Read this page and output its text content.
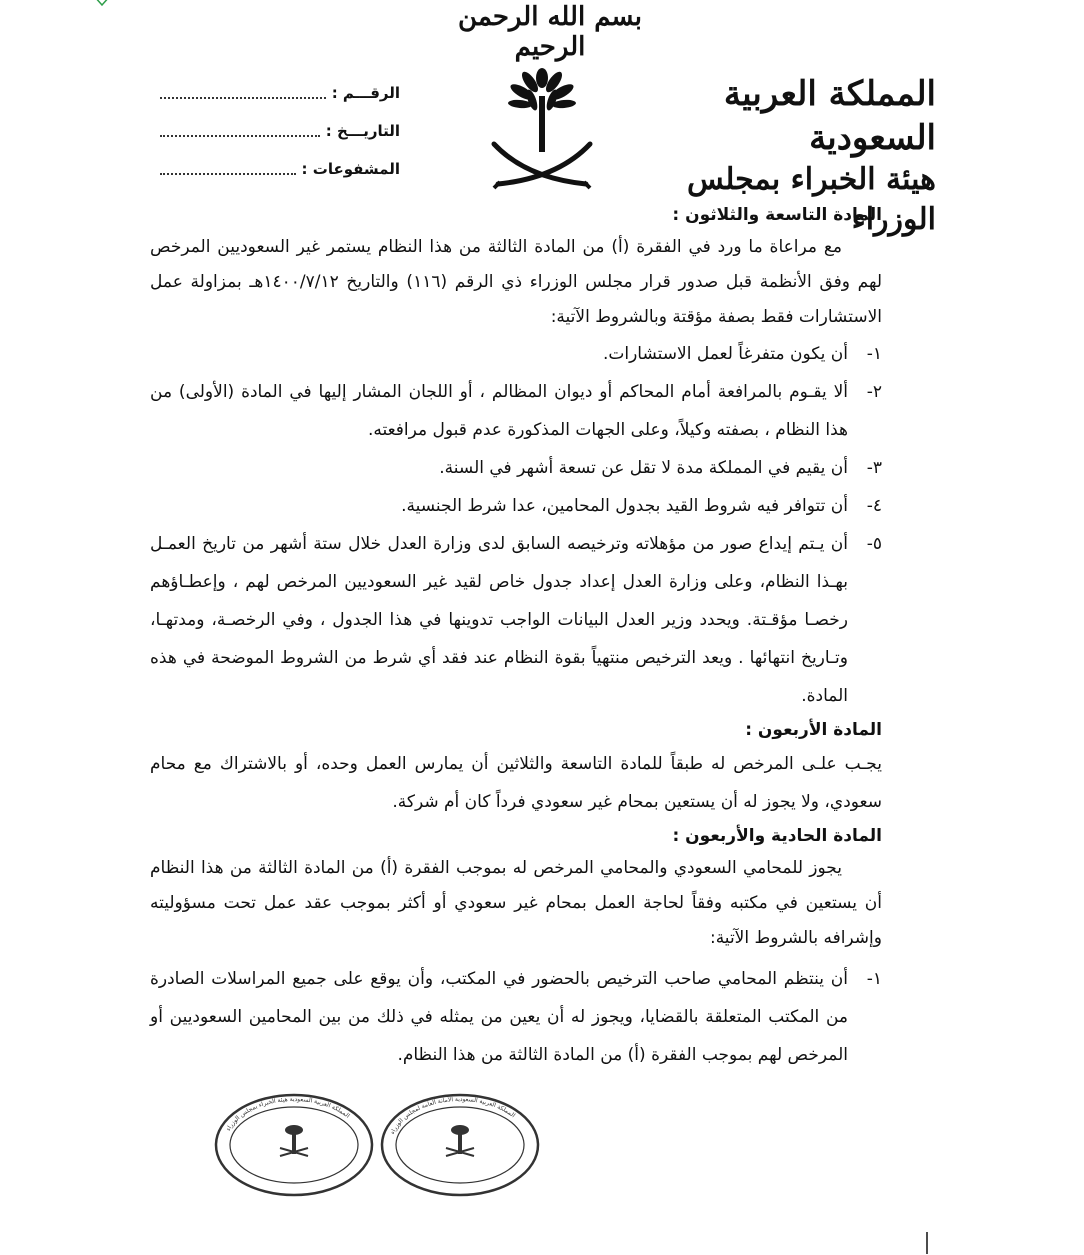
بسم الله الرحمن الرحيم
المملكة العربية السعودية
هيئة الخبراء بمجلس الوزراء
الرقـــم :
التاريـــخ :
المشفوعات :
المادة التاسعة والثلاثون :
مع مراعاة ما ورد في الفقرة (أ) من المادة الثالثة من هذا النظام يستمر غير السعوديين المرخص لهم وفق الأنظمة قبل صدور قرار مجلس الوزراء ذي الرقم (١١٦) والتاريخ ١٤٠٠/٧/١٢هـ بمزاولة عمل الاستشارات فقط بصفة مؤقتة وبالشروط الآتية:
١-
أن يكون متفرغاً لعمل الاستشارات.
٢-
ألا يقـوم بالمرافعة أمام المحاكم أو ديوان المظالم ، أو اللجان المشار إليها في المادة (الأولى) من هذا النظام ، بصفته وكيلاً، وعلى الجهات المذكورة عدم قبول مرافعته.
٣-
أن يقيم في المملكة مدة لا تقل عن تسعة أشهر في السنة.
٤-
أن تتوافر فيه شروط القيد بجدول المحامين، عدا شرط الجنسية.
٥-
أن يـتم إيداع صور من مؤهلاته وترخيصه السابق لدى وزارة العدل خلال ستة أشهر من تاريخ العمـل بهـذا النظام، وعلى وزارة العدل إعداد جدول خاص لقيد غير السعوديين المرخص لهم ، وإعطـاؤهم رخصـا مؤقـتة. ويحدد وزير العدل البيانات الواجب تدوينها في هذا الجدول ، وفي الرخصـة، ومدتهـا، وتـاريخ انتهائها . ويعد الترخيص منتهياً بقوة النظام عند فقد أي شرط من الشروط الموضحة في هذه المادة.
المادة الأربعون :
يجـب علـى المرخص له طبقاً للمادة التاسعة والثلاثين أن يمارس العمل وحده، أو بالاشتراك مع محام سعودي، ولا يجوز له أن يستعين بمحام غير سعودي فرداً كان أم شركة.
المادة الحادية والأربعون :
يجوز للمحامي السعودي والمحامي المرخص له بموجب الفقرة (أ) من المادة الثالثة من هذا النظام أن يستعين في مكتبه وفقاً لحاجة العمل بمحام غير سعودي أو أكثر بموجب عقد عمل تحت مسؤوليته وإشرافه بالشروط الآتية:
١-
أن ينتظم المحامي صاحب الترخيص بالحضور في المكتب، وأن يوقع على جميع المراسلات الصادرة من المكتب المتعلقة بالقضايا، ويجوز له أن يعين من يمثله في ذلك من بين المحامين السعوديين أو المرخص لهم بموجب الفقرة (أ) من المادة الثالثة من هذا النظام.
المملكة العربية السعودية هيئة الخبراء بمجلس الوزراء
المملكة العربية السعودية الأمانة العامة لمجلس الوزراء
